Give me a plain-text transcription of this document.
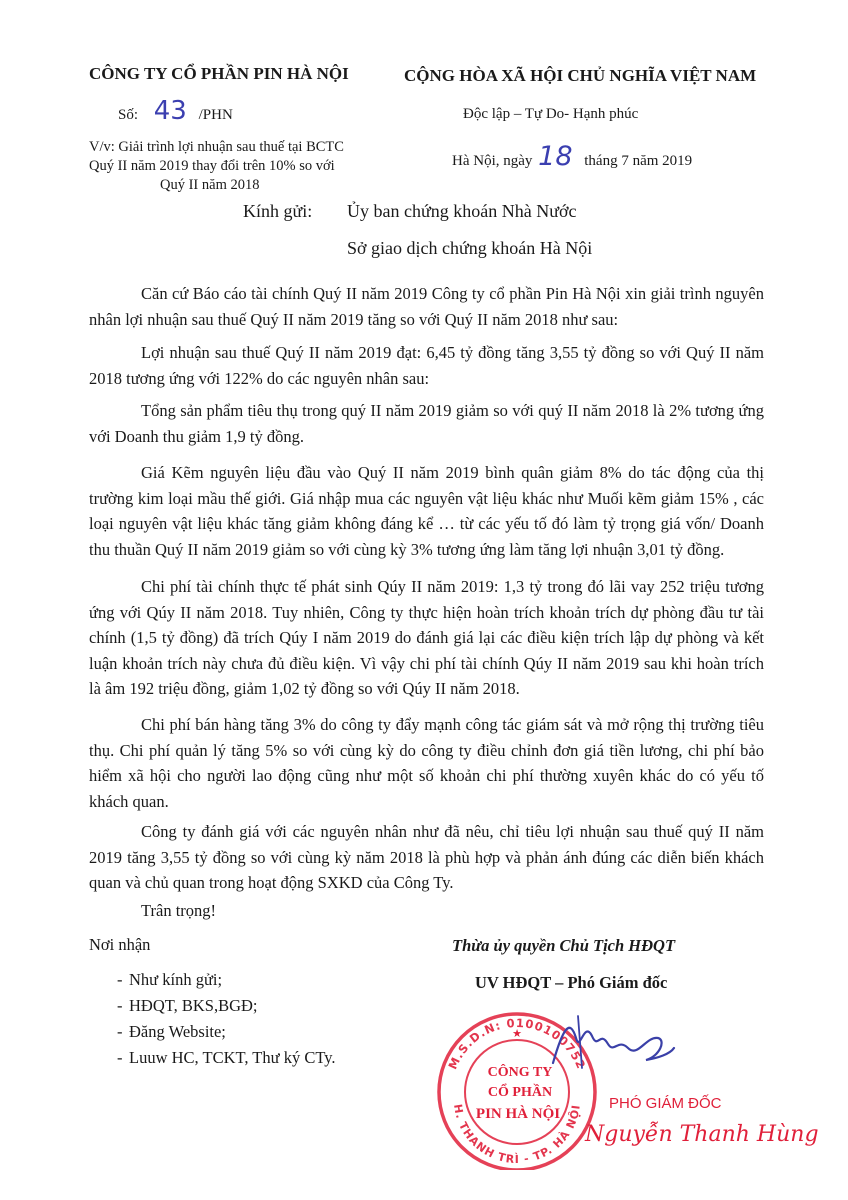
CÔNG TY CỔ PHẦN PIN HÀ NỘI
Số: 43 /PHN
V/v: Giải trình lợi nhuận sau thuế tại BCTC
Quý II năm 2019 thay đổi trên 10% so với
Quý II năm 2018
CỘNG HÒA XÃ HỘI CHỦ NGHĨA VIỆT NAM
Độc lập – Tự Do- Hạnh phúc
Hà Nội, ngày 18 tháng 7 năm 2019
Kính gửi: Ủy ban chứng khoán Nhà Nước
Sở giao dịch chứng khoán Hà Nội
Căn cứ Báo cáo tài chính Quý II năm 2019 Công ty cổ phần Pin Hà Nội xin giải trình nguyên nhân lợi nhuận sau thuế Quý II năm 2019 tăng so với Quý II năm 2018 như sau:
Lợi nhuận sau thuế Quý II năm 2019 đạt: 6,45 tỷ đồng tăng 3,55 tỷ đồng so với Quý II năm 2018 tương ứng với 122% do các nguyên nhân sau:
Tổng sản phẩm tiêu thụ trong quý II năm 2019 giảm so với quý II năm 2018 là 2% tương ứng với Doanh thu giảm 1,9 tỷ đồng.
Giá Kẽm nguyên liệu đầu vào Quý II năm 2019 bình quân giảm 8% do tác động của thị trường kim loại mầu thế giới. Giá nhập mua các nguyên vật liệu khác như Muối kẽm giảm 15% , các loại nguyên vật liệu khác tăng giảm không đáng kể … từ các yếu tố đó làm tỷ trọng giá vốn/ Doanh thu thuần Quý II năm 2019 giảm so với cùng kỳ 3% tương ứng làm tăng lợi nhuận 3,01 tỷ đồng.
Chi phí tài chính thực tế phát sinh Qúy II năm 2019: 1,3 tỷ trong đó lãi vay 252 triệu tương ứng với Qúy II năm 2018. Tuy nhiên, Công ty thực hiện hoàn trích khoản trích dự phòng đầu tư tài chính (1,5 tỷ đồng) đã trích Qúy I năm 2019 do đánh giá lại các điều kiện trích lập dự phòng và kết luận khoản trích này chưa đủ điều kiện. Vì vậy chi phí tài chính Qúy II năm 2019 sau khi hoàn trích là âm 192 triệu đồng, giảm 1,02 tỷ đồng so với Qúy II năm 2018.
Chi phí bán hàng tăng 3% do công ty đẩy mạnh công tác giám sát và mở rộng thị trường tiêu thụ. Chi phí quản lý tăng 5% so với cùng kỳ do công ty điều chỉnh đơn giá tiền lương, chi phí bảo hiểm xã hội cho người lao động cũng như một số khoản chi phí thường xuyên khác do có yếu tố khách quan.
Công ty đánh giá với các nguyên nhân như đã nêu, chỉ tiêu lợi nhuận sau thuế quý II năm 2019 tăng 3,55 tỷ đồng so với cùng kỳ năm 2018 là phù hợp và phản ánh đúng các diễn biến khách quan và chủ quan trong hoạt động SXKD của Công Ty.
Trân trọng!
Nơi nhận
- Như kính gửi;
- HĐQT, BKS,BGĐ;
- Đăng Website;
- Luuw HC, TCKT, Thư ký CTy.
Thừa ủy quyền Chủ Tịch HĐQT
UV HĐQT – Phó Giám đốc
M.S.D.N: 0100100752
H. THANH TRÌ - TP. HÀ NỘI
★
CÔNG TY
CỔ PHẦN
PIN HÀ NỘI
PHÓ GIÁM ĐỐC
Nguyễn Thanh Hùng
